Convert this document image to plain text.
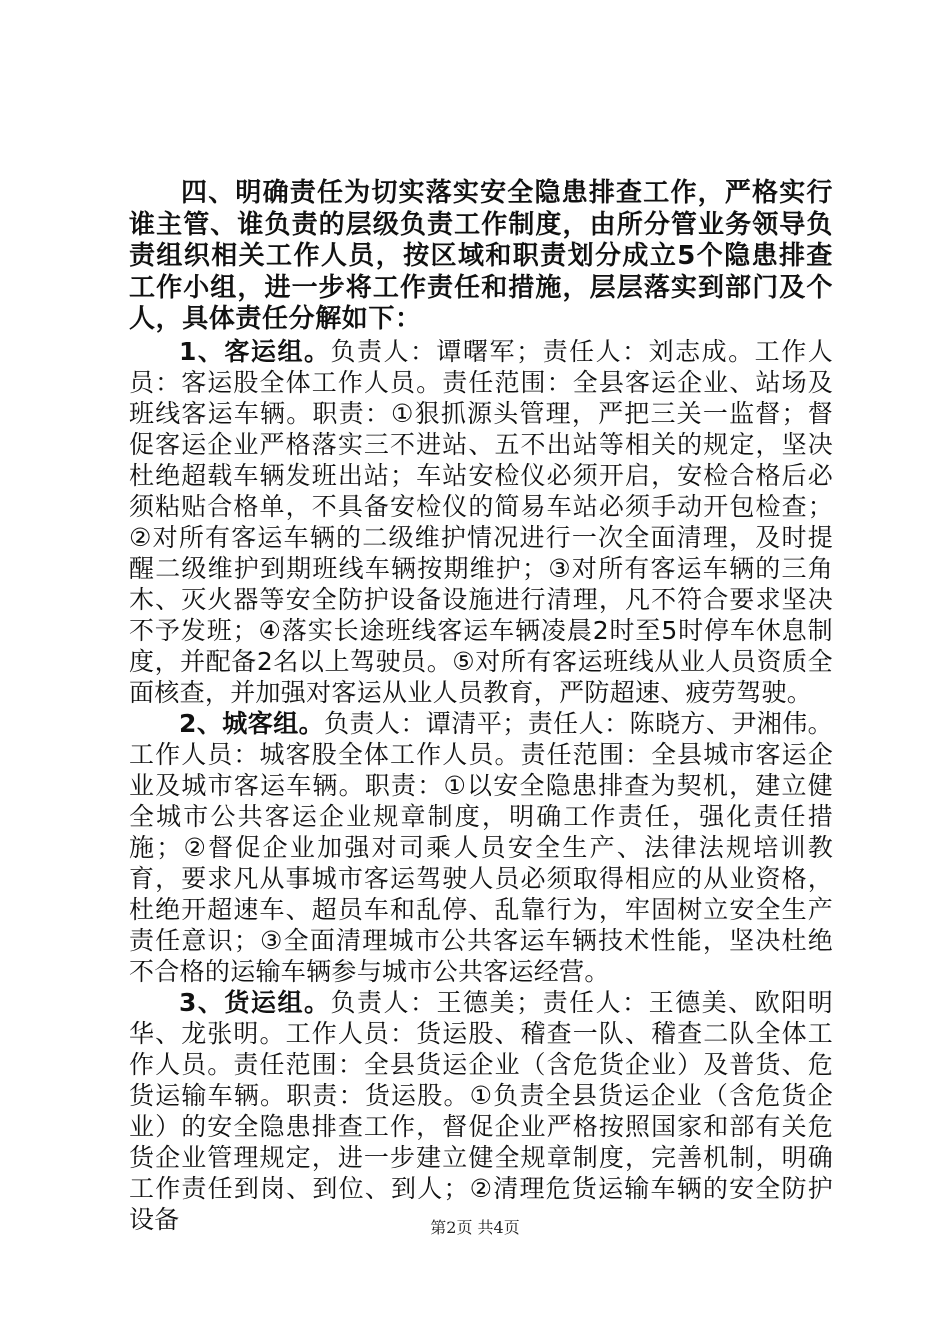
四、明确责任为切实落实安全隐患排查工作，严格实行谁主管、谁负责的层级负责工作制度，由所分管业务领导负责组织相关工作人员，按区域和职责划分成立5个隐患排查工作小组，进一步将工作责任和措施，层层落实到部门及个人，具体责任分解如下：

1、客运组。负责人：谭曙军；责任人：刘志成。工作人员：客运股全体工作人员。责任范围：全县客运企业、站场及班线客运车辆。职责：①狠抓源头管理，严把三关一监督；督促客运企业严格落实三不进站、五不出站等相关的规定，坚决杜绝超载车辆发班出站；车站安检仪必须开启，安检合格后必须粘贴合格单，不具备安检仪的简易车站必须手动开包检查；②对所有客运车辆的二级维护情况进行一次全面清理，及时提醒二级维护到期班线车辆按期维护；③对所有客运车辆的三角木、灭火器等安全防护设备设施进行清理，凡不符合要求坚决不予发班；④落实长途班线客运车辆凌晨2时至5时停车休息制度，并配备2名以上驾驶员。⑤对所有客运班线从业人员资质全面核查，并加强对客运从业人员教育，严防超速、疲劳驾驶。

2、城客组。负责人：谭清平；责任人：陈晓方、尹湘伟。工作人员：城客股全体工作人员。责任范围：全县城市客运企业及城市客运车辆。职责：①以安全隐患排查为契机，建立健全城市公共客运企业规章制度，明确工作责任，强化责任措施；②督促企业加强对司乘人员安全生产、法律法规培训教育，要求凡从事城市客运驾驶人员必须取得相应的从业资格，杜绝开超速车、超员车和乱停、乱靠行为，牢固树立安全生产责任意识；③全面清理城市公共客运车辆技术性能，坚决杜绝不合格的运输车辆参与城市公共客运经营。

3、货运组。负责人：王德美；责任人：王德美、欧阳明华、龙张明。工作人员：货运股、稽查一队、稽查二队全体工作人员。责任范围：全县货运企业（含危货企业）及普货、危货运输车辆。职责：货运股。①负责全县货运企业（含危货企业）的安全隐患排查工作，督促企业严格按照国家和部有关危货企业管理规定，进一步建立健全规章制度，完善机制，明确工作责任到岗、到位、到人；②清理危货运输车辆的安全防护设备	第2页 共4页
